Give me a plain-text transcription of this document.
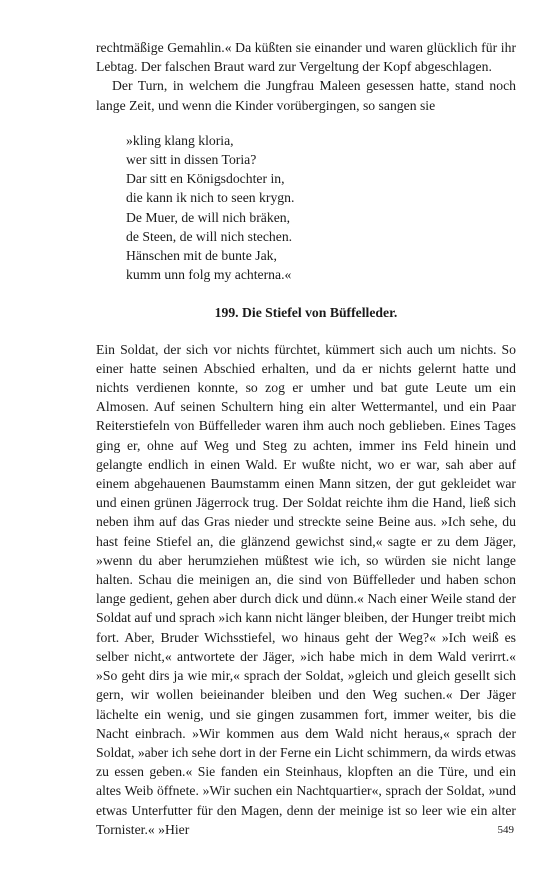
rechtmäßige Gemahlin.« Da küßten sie einander und waren glücklich für ihr Lebtag. Der falschen Braut ward zur Vergeltung der Kopf abgeschlagen.

Der Turn, in welchem die Jungfrau Maleen gesessen hatte, stand noch lange Zeit, und wenn die Kinder vorübergingen, so sangen sie

»kling klang kloria,
wer sitt in dissen Toria?
Dar sitt en Königsdochter in,
die kann ik nich to seen krygn.
De Muer, de will nich bräken,
de Steen, de will nich stechen.
Hänschen mit de bunte Jak,
kumm unn folg my achterna.«
199. Die Stiefel von Büffelleder.

Ein Soldat, der sich vor nichts fürchtet, kümmert sich auch um nichts. So einer hatte seinen Abschied erhalten, und da er nichts gelernt hatte und nichts verdienen konnte, so zog er umher und bat gute Leute um ein Almosen. Auf seinen Schultern hing ein alter Wettermantel, und ein Paar Reiterstiefeln von Büffelleder waren ihm auch noch geblieben. Eines Tages ging er, ohne auf Weg und Steg zu achten, immer ins Feld hinein und gelangte endlich in einen Wald. Er wußte nicht, wo er war, sah aber auf einem abgehauenen Baumstamm einen Mann sitzen, der gut gekleidet war und einen grünen Jägerrock trug. Der Soldat reichte ihm die Hand, ließ sich neben ihm auf das Gras nieder und streckte seine Beine aus. »Ich sehe, du hast feine Stiefel an, die glänzend gewichst sind,« sagte er zu dem Jäger, »wenn du aber herumziehen müßtest wie ich, so würden sie nicht lange halten. Schau die meinigen an, die sind von Büffelleder und haben schon lange gedient, gehen aber durch dick und dünn.« Nach einer Weile stand der Soldat auf und sprach »ich kann nicht länger bleiben, der Hunger treibt mich fort. Aber, Bruder Wichsstiefel, wo hinaus geht der Weg?« »Ich weiß es selber nicht,« antwortete der Jäger, »ich habe mich in dem Wald verirrt.« »So geht dirs ja wie mir,« sprach der Soldat, »gleich und gleich gesellt sich gern, wir wollen beieinander bleiben und den Weg suchen.« Der Jäger lächelte ein wenig, und sie gingen zusammen fort, immer weiter, bis die Nacht einbrach. »Wir kommen aus dem Wald nicht heraus,« sprach der Soldat, »aber ich sehe dort in der Ferne ein Licht schimmern, da wirds etwas zu essen geben.« Sie fanden ein Steinhaus, klopften an die Türe, und ein altes Weib öffnete. »Wir suchen ein Nachtquartier«, sprach der Soldat, »und etwas Unterfutter für den Magen, denn der meinige ist so leer wie ein alter Tornister.« »Hier	549
